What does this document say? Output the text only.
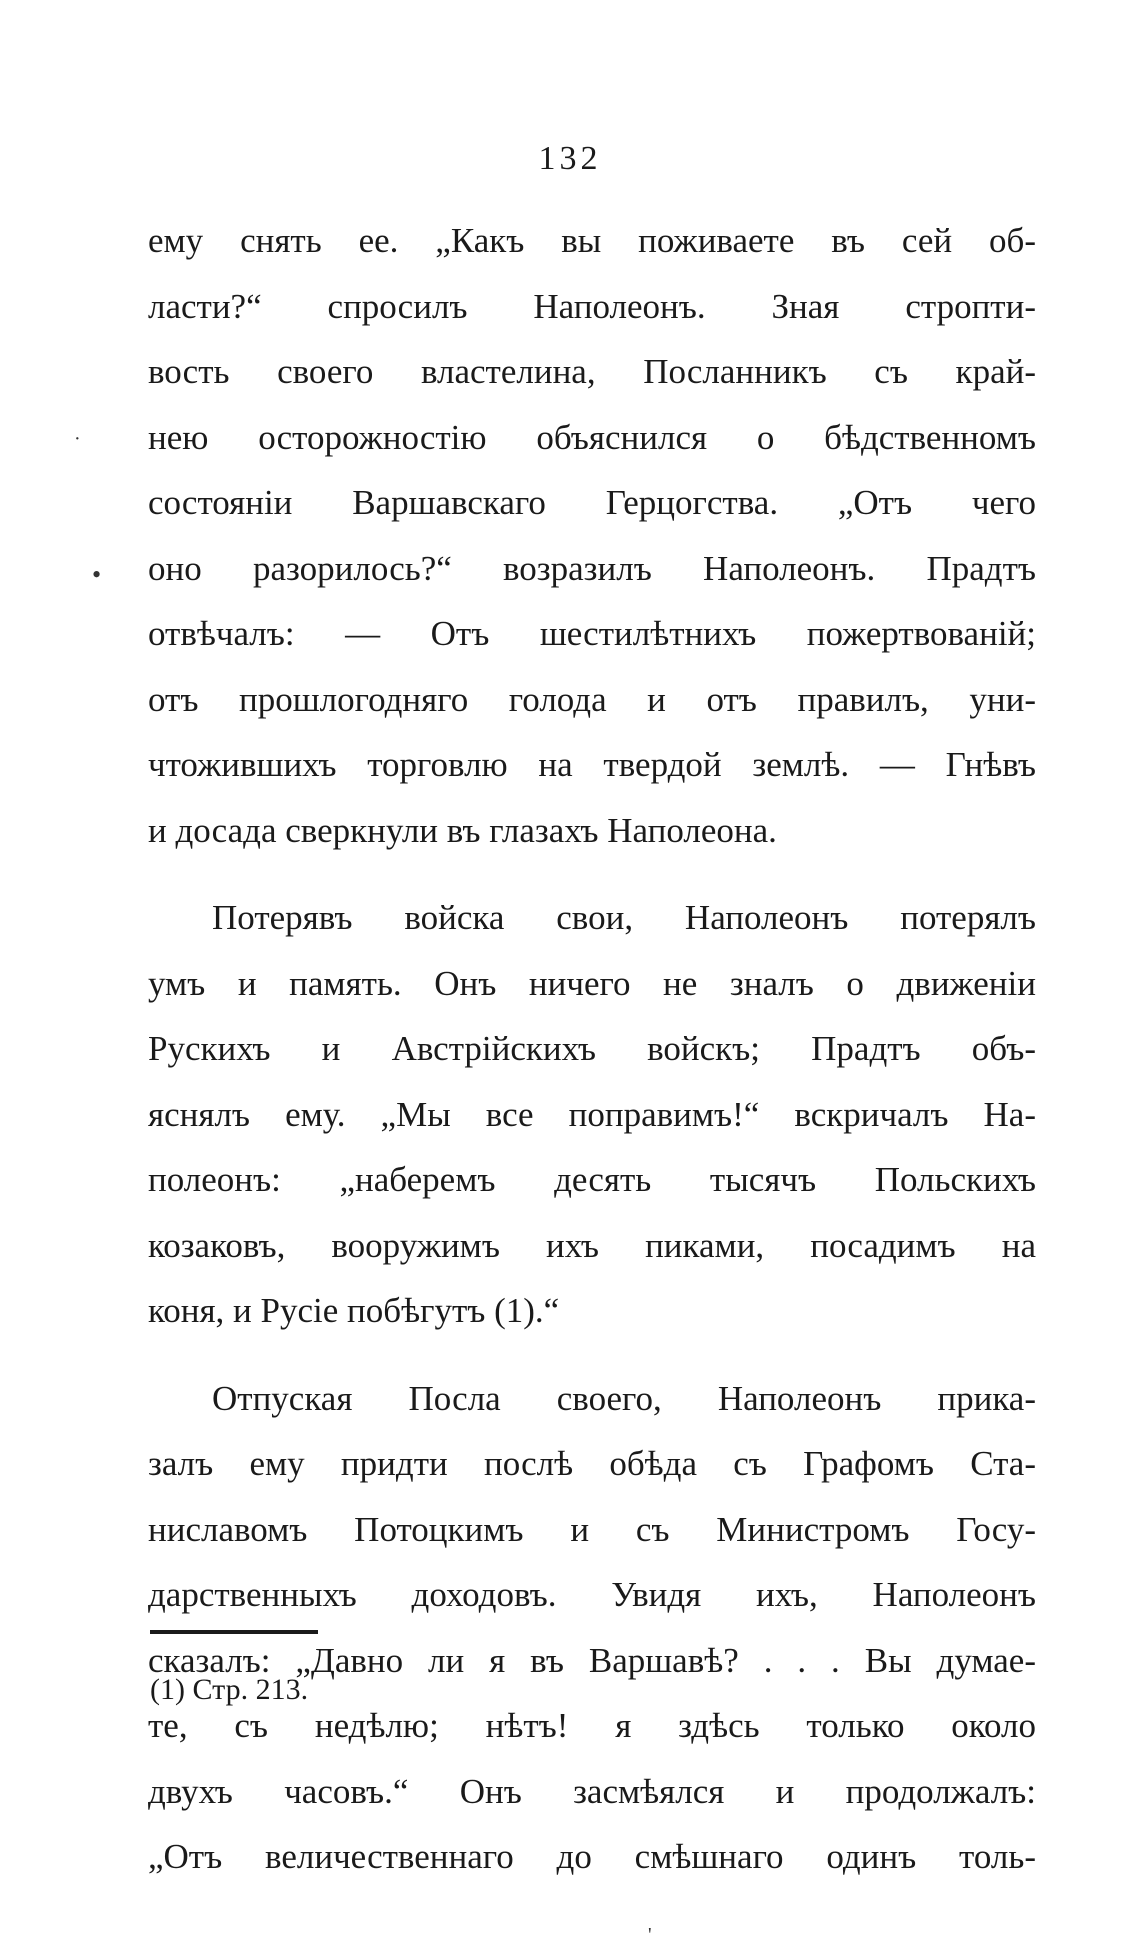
132
ему снять ее. „Какъ вы поживаете въ сей об-
ласти?“ спросилъ Наполеонъ. Зная стропти-
вость своего властелина, Посланникъ съ край-
нею осторожностію объяснился о бѣдственномъ
состояніи Варшавскаго Герцогства. „Отъ чего
оно разорилось?“ возразилъ Наполеонъ. Прадтъ
отвѣчалъ: — Отъ шестилѣтнихъ пожертвованій;
отъ прошлогодняго голода и отъ правилъ, уни-
чтожившихъ торговлю на твердой землѣ. — Гнѣвъ
и досада сверкнули въ глазахъ Наполеона.
Потерявъ войска свои, Наполеонъ потерялъ
умъ и память. Онъ ничего не зналъ о движеніи
Рускихъ и Австрійскихъ войскъ; Прадтъ объ-
яснялъ ему. „Мы все поправимъ!“ вскричалъ На-
полеонъ: „наберемъ десять тысячъ Польскихъ
козаковъ, вооружимъ ихъ пиками, посадимъ на
коня, и Русіе побѣгутъ (1).“
Отпуская Посла своего, Наполеонъ прика-
залъ ему придти послѣ обѣда съ Графомъ Ста-
ниславомъ Потоцкимъ и съ Министромъ Госу-
дарственныхъ доходовъ. Увидя ихъ, Наполеонъ
сказалъ: „Давно ли я въ Варшавѣ? . . . Вы думае-
те, съ недѣлю; нѣтъ! я здѣсь только около
двухъ часовъ.“ Онъ засмѣялся и продолжалъ:
„Отъ величественнаго до смѣшнаго одинъ толь-
(1) Стр. 213.
·
•
'
